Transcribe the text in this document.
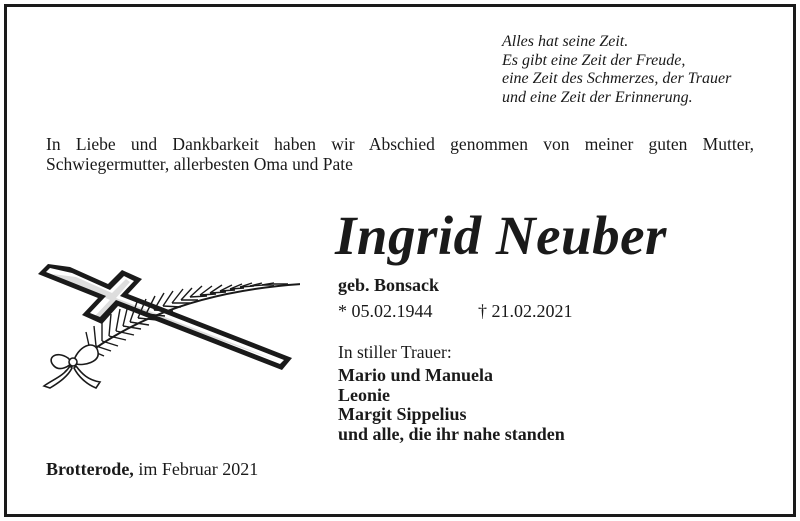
Alles hat seine Zeit.
Es gibt eine Zeit der Freude,
eine Zeit des Schmerzes, der Trauer
und eine Zeit der Erinnerung.
In Liebe und Dankbarkeit haben wir Abschied genommen von meiner guten Mutter,
Schwiegermutter, allerbesten Oma und Pate
Ingrid Neuber
geb. Bonsack
* 05.02.1944	† 21.02.2021
In stiller Trauer:
Mario und Manuela
Leonie
Margit Sippelius
und alle, die ihr nahe standen
Brotterode, im Februar 2021
